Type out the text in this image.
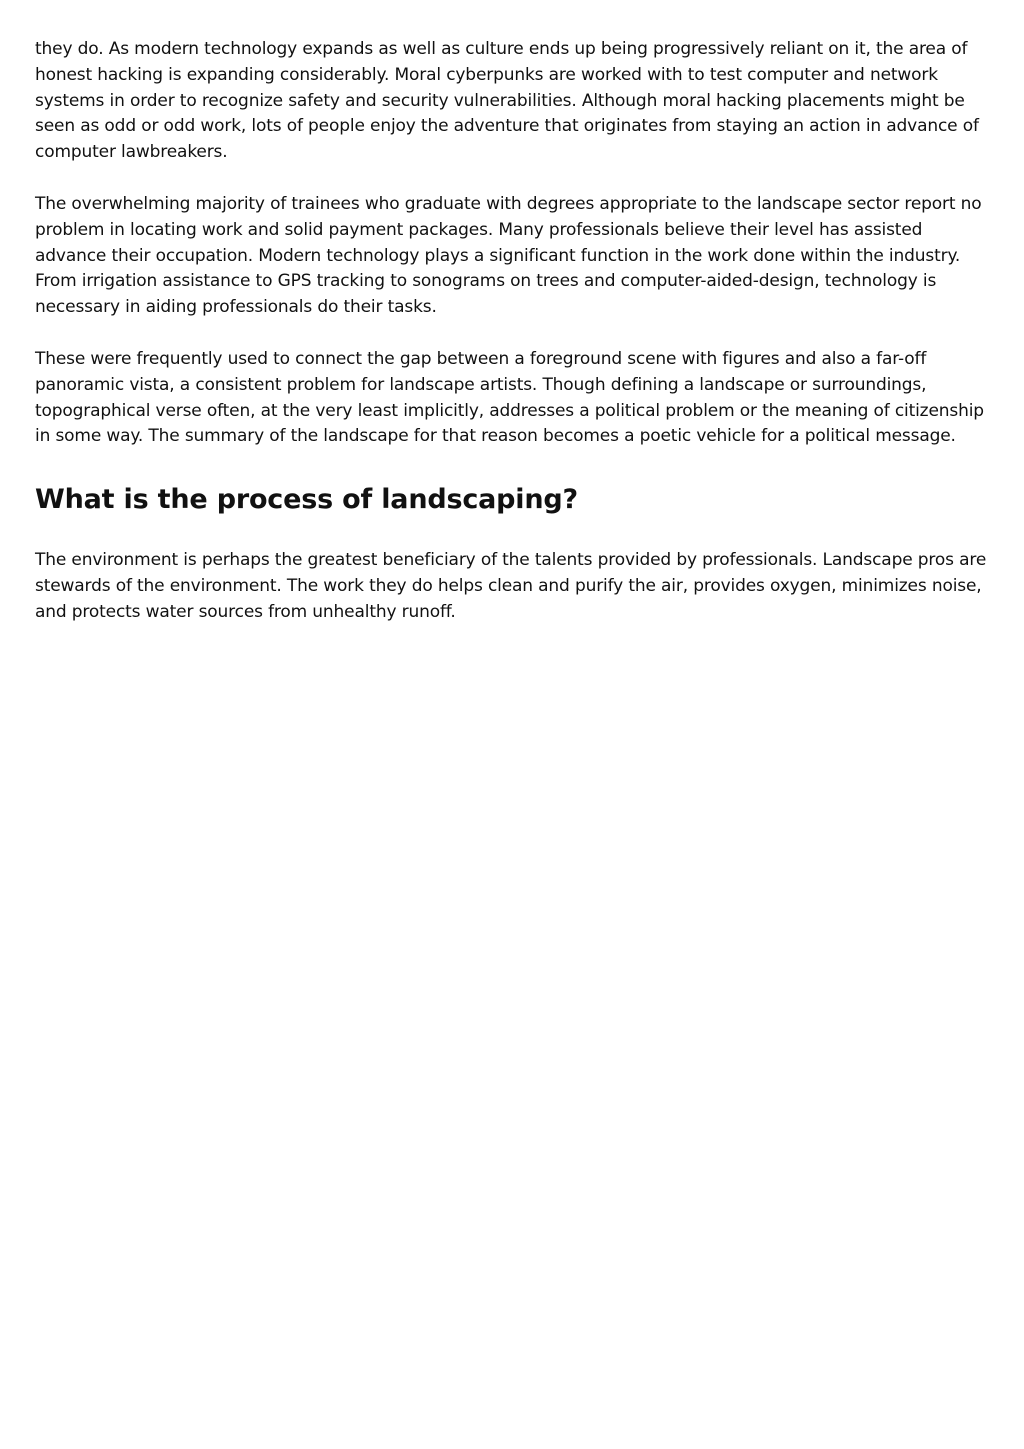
they do. As modern technology expands as well as culture ends up being progressively reliant on it, the area of honest hacking is expanding considerably. Moral cyberpunks are worked with to test computer and network systems in order to recognize safety and security vulnerabilities. Although moral hacking placements might be seen as odd or odd work, lots of people enjoy the adventure that originates from staying an action in advance of computer lawbreakers.

The overwhelming majority of trainees who graduate with degrees appropriate to the landscape sector report no problem in locating work and solid payment packages. Many professionals believe their level has assisted advance their occupation. Modern technology plays a significant function in the work done within the industry. From irrigation assistance to GPS tracking to sonograms on trees and computer-aided-design, technology is necessary in aiding professionals do their tasks.

These were frequently used to connect the gap between a foreground scene with figures and also a far-off panoramic vista, a consistent problem for landscape artists. Though defining a landscape or surroundings, topographical verse often, at the very least implicitly, addresses a political problem or the meaning of citizenship in some way. The summary of the landscape for that reason becomes a poetic vehicle for a political message.

What is the process of landscaping?

The environment is perhaps the greatest beneficiary of the talents provided by professionals. Landscape pros are stewards of the environment. The work they do helps clean and purify the air, provides oxygen, minimizes noise, and protects water sources from unhealthy runoff.
